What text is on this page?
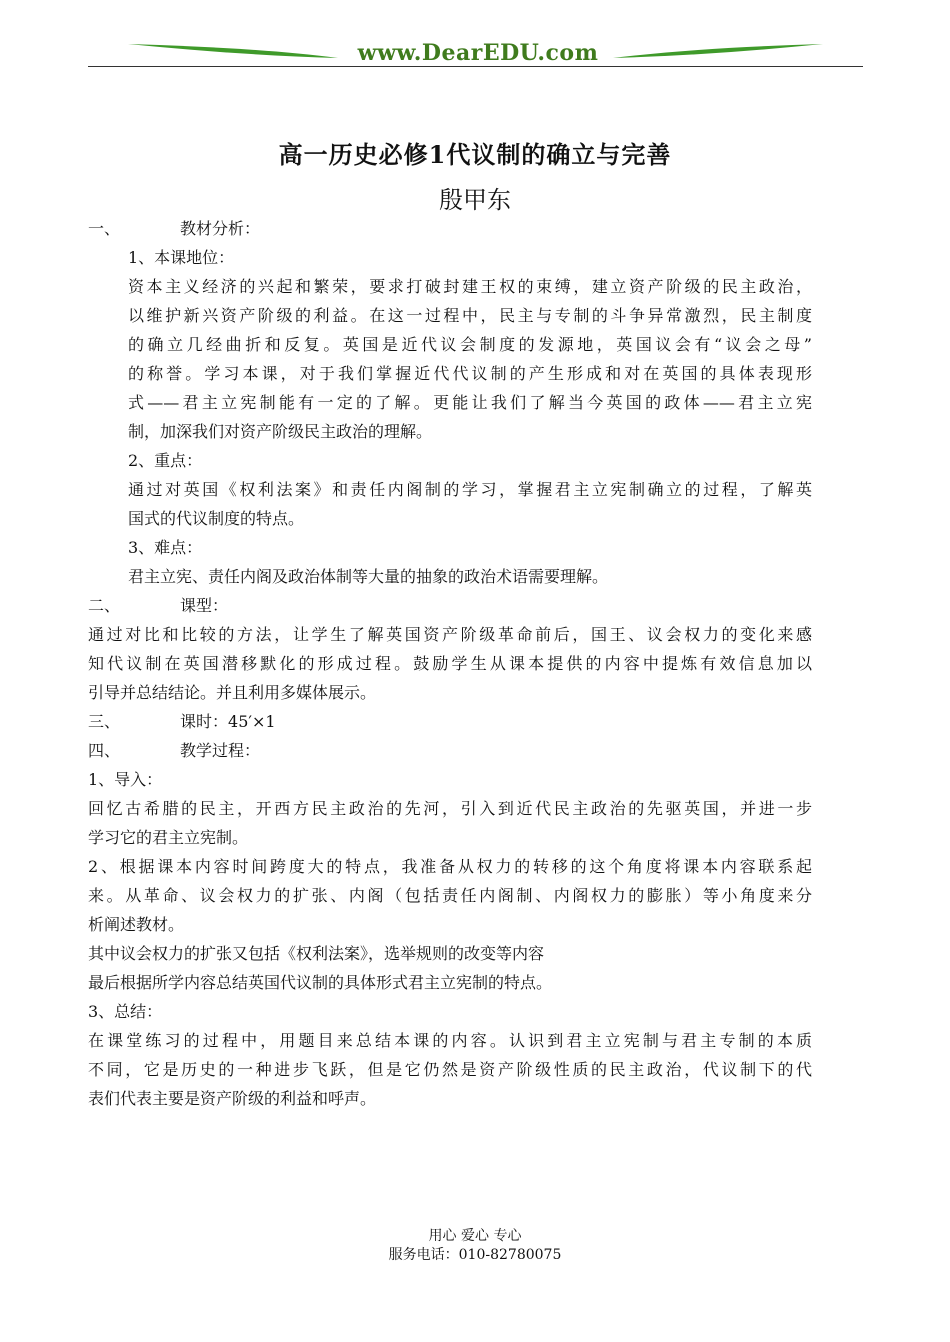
www.DearEDU.com
高一历史必修1代议制的确立与完善
殷甲东
一、	教材分析：
1、本课地位：
资本主义经济的兴起和繁荣，要求打破封建王权的束缚，建立资产阶级的民主政治，
以维护新兴资产阶级的利益。在这一过程中，民主与专制的斗争异常激烈，民主制度
的确立几经曲折和反复。英国是近代议会制度的发源地，英国议会有“议会之母”
的称誉。学习本课，对于我们掌握近代代议制的产生形成和对在英国的具体表现形
式——君主立宪制能有一定的了解。更能让我们了解当今英国的政体——君主立宪
制，加深我们对资产阶级民主政治的理解。
2、重点：
通过对英国《权利法案》和责任内阁制的学习，掌握君主立宪制确立的过程，了解英
国式的代议制度的特点。
3、难点：
君主立宪、责任内阁及政治体制等大量的抽象的政治术语需要理解。
二、	课型：
通过对比和比较的方法，让学生了解英国资产阶级革命前后，国王、议会权力的变化来感
知代议制在英国潜移默化的形成过程。鼓励学生从课本提供的内容中提炼有效信息加以
引导并总结结论。并且利用多媒体展示。
三、	课时：45′×1
四、	教学过程：
1、导入：
回忆古希腊的民主，开西方民主政治的先河，引入到近代民主政治的先驱英国，并进一步
学习它的君主立宪制。
2、根据课本内容时间跨度大的特点，我准备从权力的转移的这个角度将课本内容联系起
来。从革命、议会权力的扩张、内阁（包括责任内阁制、内阁权力的膨胀）等小角度来分
析阐述教材。
其中议会权力的扩张又包括《权利法案》，选举规则的改变等内容
最后根据所学内容总结英国代议制的具体形式君主立宪制的特点。
3、总结：
在课堂练习的过程中，用题目来总结本课的内容。认识到君主立宪制与君主专制的本质
不同，它是历史的一种进步飞跃，但是它仍然是资产阶级性质的民主政治，代议制下的代
表们代表主要是资产阶级的利益和呼声。
用心 爱心 专心
服务电话：010-82780075
